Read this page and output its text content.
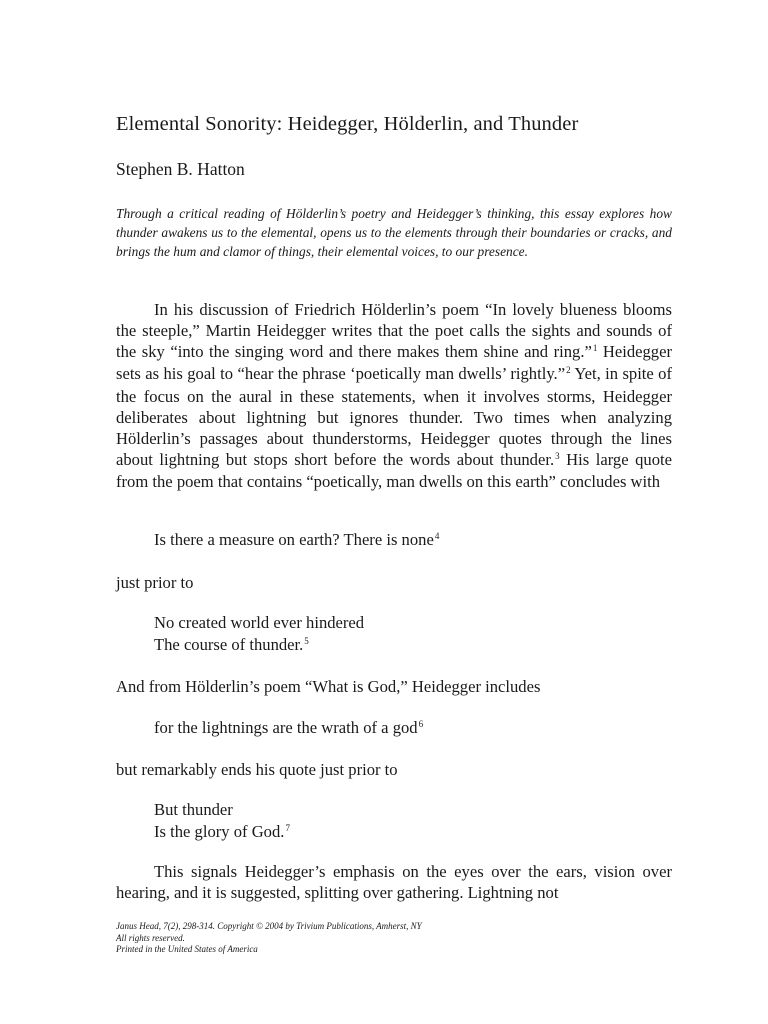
Elemental Sonority: Heidegger, Hölderlin, and Thunder

Stephen B. Hatton

Through a critical reading of Hölderlin’s poetry and Heidegger’s thinking, this essay explores how thunder awakens us to the elemental, opens us to the elements through their boundaries or cracks, and brings the hum and clamor of things, their elemental voices, to our presence.

In his discussion of Friedrich Hölderlin’s poem “In lovely blueness blooms the steeple,” Martin Heidegger writes that the poet calls the sights and sounds of the sky “into the singing word and there makes them shine and ring.”$^1$ Heidegger sets as his goal to “hear the phrase ‘poetically man dwells’ rightly.”$^2$ Yet, in spite of the focus on the aural in these statements, when it involves storms, Heidegger deliberates about lightning but ignores thunder. Two times when analyzing Hölderlin’s passages about thunderstorms, Heidegger quotes through the lines about lightning but stops short before the words about thunder.$^3$ His large quote from the poem that contains “poetically, man dwells on this earth” concludes with

Is there a measure on earth? There is none$^4$

just prior to

No created world ever hindered

The course of thunder.$^5$

And from Hölderlin’s poem “What is God,” Heidegger includes

for the lightnings are the wrath of a god$^6$

but remarkably ends his quote just prior to

But thunder

Is the glory of God.$^7$

This signals Heidegger’s emphasis on the eyes over the ears, vision over hearing, and it is suggested, splitting over gathering. Lightning not

Janus Head, 7(2), 298-314. Copyright © 2004 by Trivium Publications, Amherst, NY
All rights reserved.
Printed in the United States of America
